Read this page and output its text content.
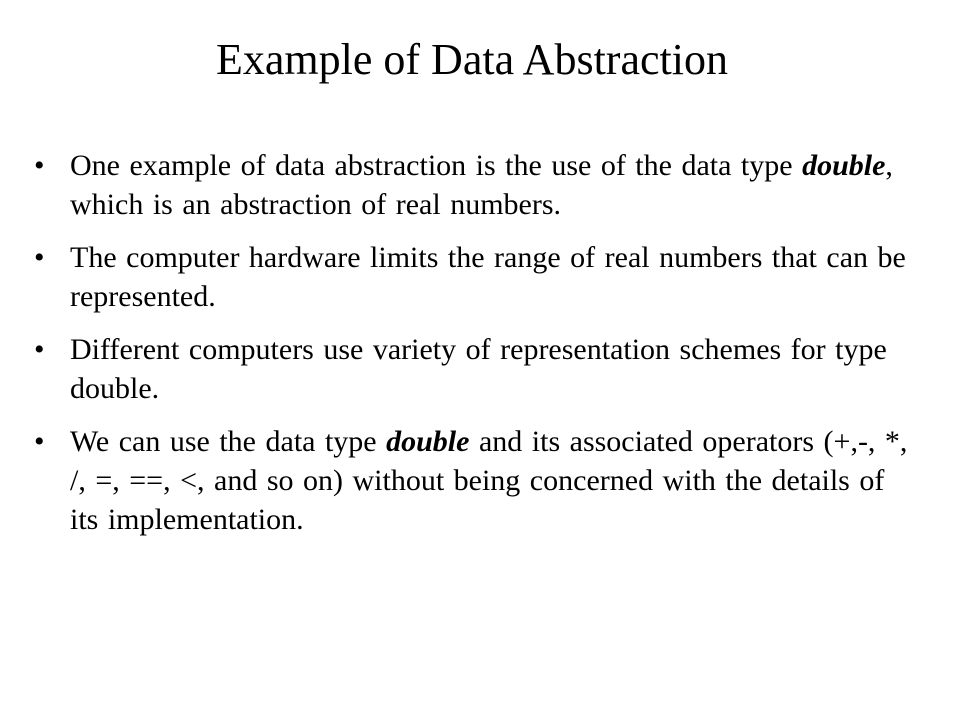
Example of Data Abstraction
• One example of data abstraction is the use of the data type double, which is an abstraction of real numbers.
• The computer hardware limits the range of real numbers that can be represented.
• Different computers use variety of representation schemes for type double.
• We can use the data type double and its associated operators (+,-, *, /, =, ==, <, and so on) without being concerned with the details of its implementation.
